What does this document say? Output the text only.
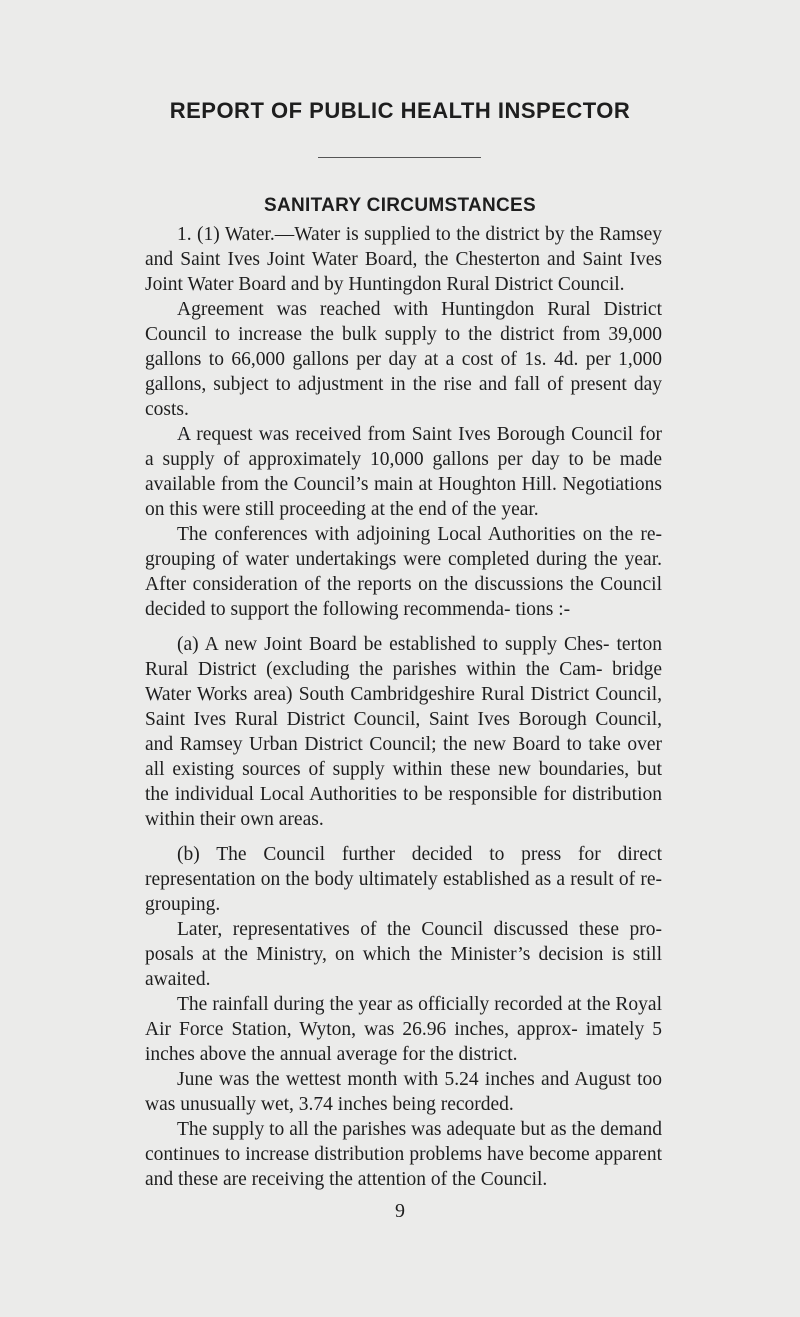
REPORT OF PUBLIC HEALTH INSPECTOR
SANITARY CIRCUMSTANCES

1. (1) Water.—Water is supplied to the district by the Ramsey and Saint Ives Joint Water Board, the Chesterton and Saint Ives Joint Water Board and by Huntingdon Rural District Council.

Agreement was reached with Huntingdon Rural District Council to increase the bulk supply to the district from 39,000 gallons to 66,000 gallons per day at a cost of 1s. 4d. per 1,000 gallons, subject to adjustment in the rise and fall of present day costs.

A request was received from Saint Ives Borough Council for a supply of approximately 10,000 gallons per day to be made available from the Council’s main at Houghton Hill. Negotiations on this were still proceeding at the end of the year.

The conferences with adjoining Local Authorities on the re-grouping of water undertakings were completed during the year. After consideration of the reports on the discussions the Council decided to support the following recommenda- tions :-

(a) A new Joint Board be established to supply Ches- terton Rural District (excluding the parishes within the Cam- bridge Water Works area) South Cambridgeshire Rural District Council, Saint Ives Rural District Council, Saint Ives Borough Council, and Ramsey Urban District Council; the new Board to take over all existing sources of supply within these new boundaries, but the individual Local Authorities to be responsible for distribution within their own areas.

(b) The Council further decided to press for direct representation on the body ultimately established as a result of re-grouping.

Later, representatives of the Council discussed these pro- posals at the Ministry, on which the Minister’s decision is still awaited.

The rainfall during the year as officially recorded at the Royal Air Force Station, Wyton, was 26.96 inches, approx- imately 5 inches above the annual average for the district.

June was the wettest month with 5.24 inches and August too was unusually wet, 3.74 inches being recorded.

The supply to all the parishes was adequate but as the demand continues to increase distribution problems have become apparent and these are receiving the attention of the Council.

9
